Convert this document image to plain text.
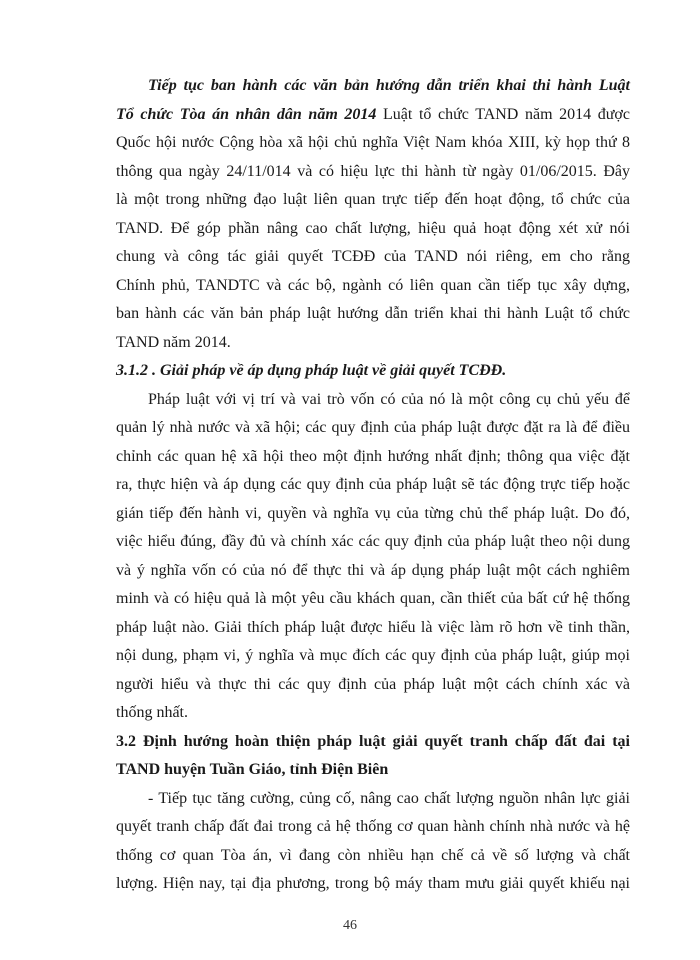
Tiếp tục ban hành các văn bản hướng dẫn triển khai thi hành Luật
Tổ chức Tòa án nhân dân năm 2014 Luật tổ chức TAND năm 2014 được
Quốc hội nước Cộng hòa xã hội chủ nghĩa Việt Nam khóa XIII, kỳ họp thứ 8
thông qua ngày 24/11/014 và có hiệu lực thi hành từ ngày 01/06/2015. Đây
là một trong những đạo luật liên quan trực tiếp đến hoạt động, tổ chức của
TAND. Để góp phần nâng cao chất lượng, hiệu quả hoạt động xét xử nói
chung và công tác giải quyết TCĐĐ của TAND nói riêng, em cho rằng
Chính phủ, TANDTC và các bộ, ngành có liên quan cần tiếp tục xây dựng,
ban hành các văn bản pháp luật hướng dẫn triển khai thi hành Luật tổ chức
TAND năm 2014.
3.1.2 . Giải pháp về áp dụng pháp luật về giải quyết TCĐĐ.
Pháp luật với vị trí và vai trò vốn có của nó là một công cụ chủ yếu để
quản lý nhà nước và xã hội; các quy định của pháp luật được đặt ra là để điều
chỉnh các quan hệ xã hội theo một định hướng nhất định; thông qua việc đặt
ra, thực hiện và áp dụng các quy định của pháp luật sẽ tác động trực tiếp hoặc
gián tiếp đến hành vi, quyền và nghĩa vụ của từng chủ thể pháp luật. Do đó,
việc hiểu đúng, đầy đủ và chính xác các quy định của pháp luật theo nội dung
và ý nghĩa vốn có của nó để thực thi và áp dụng pháp luật một cách nghiêm
minh và có hiệu quả là một yêu cầu khách quan, cần thiết của bất cứ hệ thống
pháp luật nào. Giải thích pháp luật được hiểu là việc làm rõ hơn về tinh thần,
nội dung, phạm vi, ý nghĩa và mục đích các quy định của pháp luật, giúp mọi
người hiểu và thực thi các quy định của pháp luật một cách chính xác và
thống nhất.
3.2 Định hướng hoàn thiện pháp luật giải quyết tranh chấp đất đai tại
TAND huyện Tuần Giáo, tỉnh Điện Biên
- Tiếp tục tăng cường, củng cố, nâng cao chất lượng nguồn nhân lực giải
quyết tranh chấp đất đai trong cả hệ thống cơ quan hành chính nhà nước và hệ
thống cơ quan Tòa án, vì đang còn nhiều hạn chế cả về số lượng và chất
lượng. Hiện nay, tại địa phương, trong bộ máy tham mưu giải quyết khiếu nại
46
